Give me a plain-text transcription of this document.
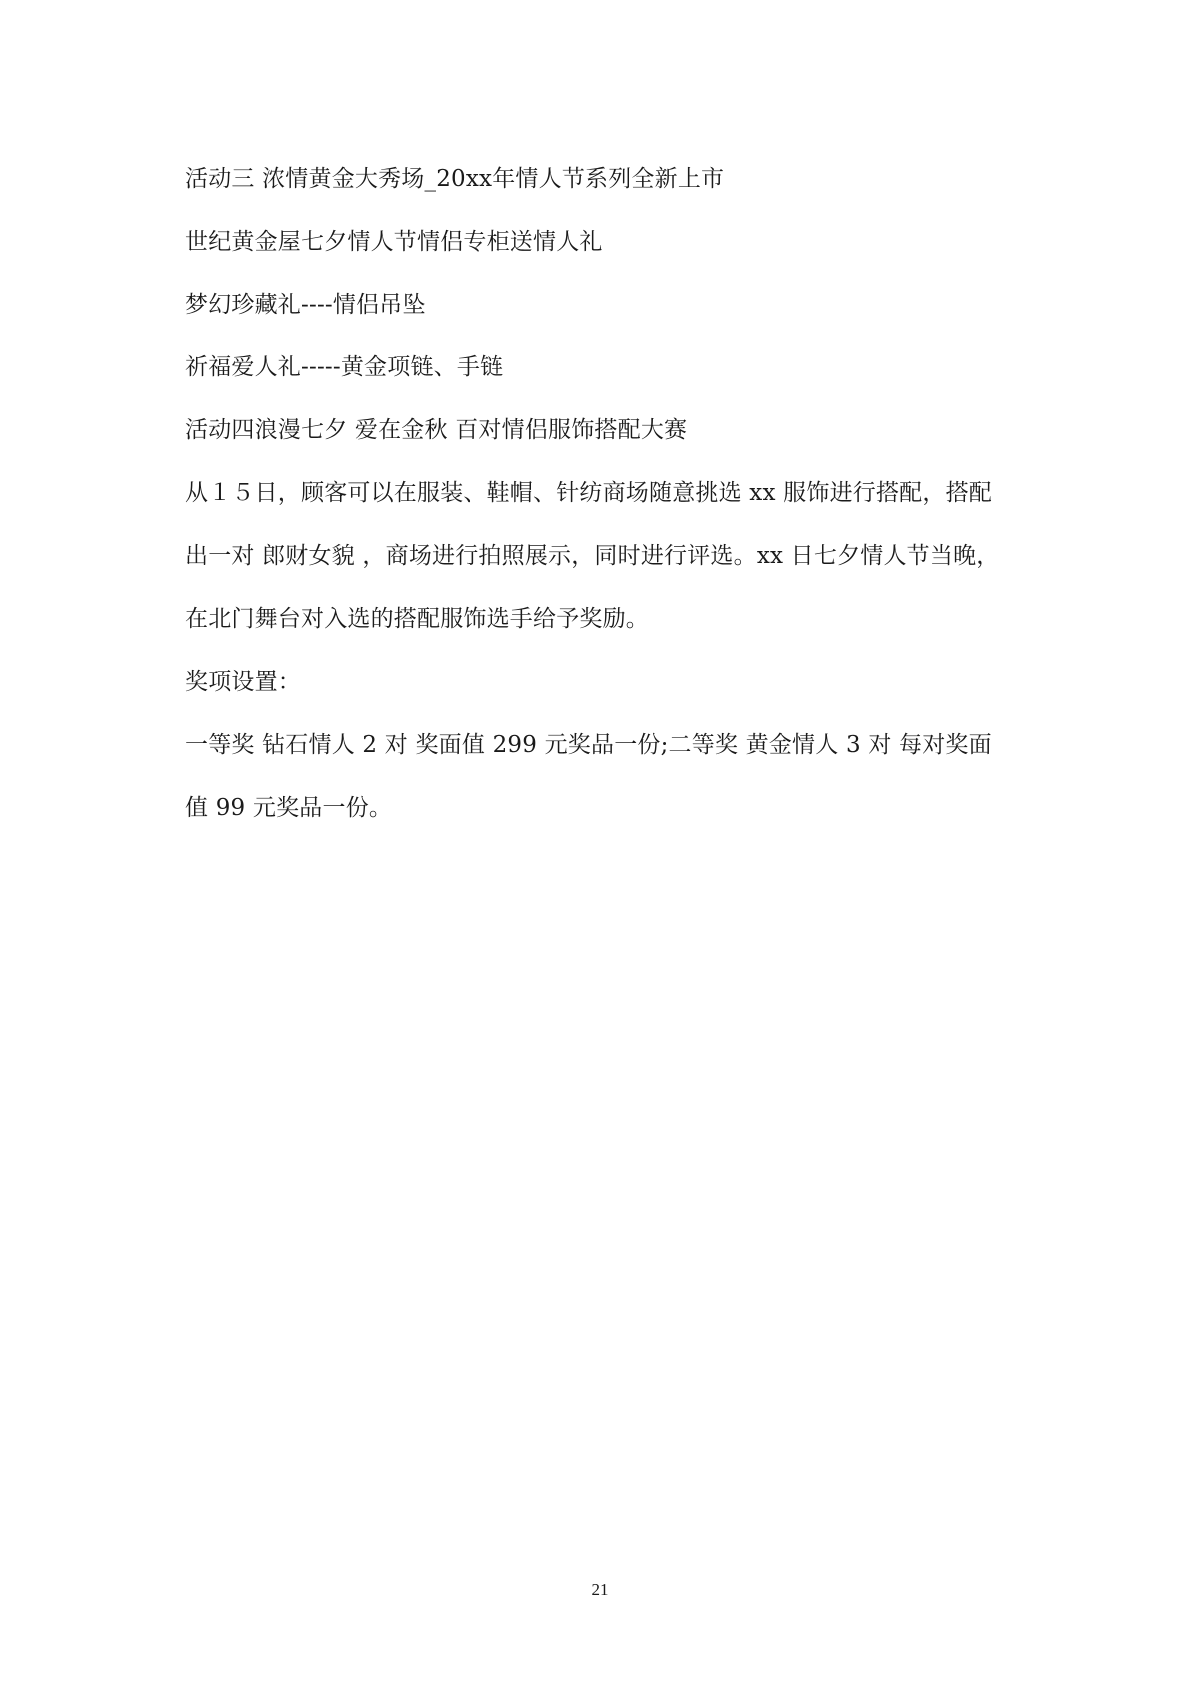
活动三 浓情黄金大秀场_20xx年情人节系列全新上市
世纪黄金屋七夕情人节情侣专柜送情人礼
梦幻珍藏礼----情侣吊坠
祈福爱人礼-----黄金项链、手链
活动四浪漫七夕 爱在金秋 百对情侣服饰搭配大赛
从１５日，顾客可以在服装、鞋帽、针纺商场随意挑选 xx 服饰进行搭配，搭配
出一对 郎财女貌 ，商场进行拍照展示，同时进行评选。xx 日七夕情人节当晚，
在北门舞台对入选的搭配服饰选手给予奖励。
奖项设置：
一等奖 钻石情人 2 对 奖面值 299 元奖品一份;二等奖 黄金情人 3 对 每对奖面
值 99 元奖品一份。
21
